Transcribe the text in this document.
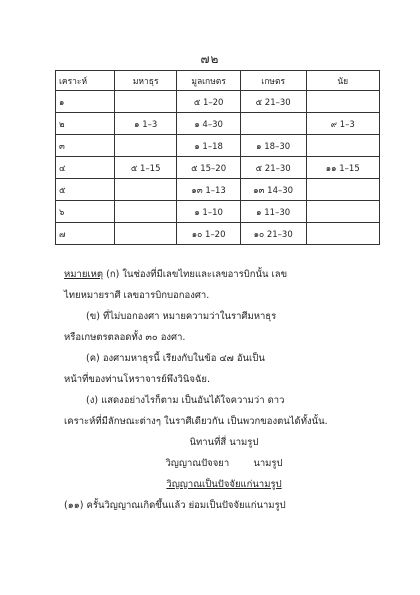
๗๒
เคราะห์	มหาธุร	มูลเกษตร	เกษตร	นัย
๑		๕ 1–20	๕ 21–30	
๒	๑ 1–3	๑ 4–30		๙ 1–3
๓		๑ 1–18	๑ 18–30	
๔	๕ 1–15	๕ 15–20	๕ 21–30	๑๑ 1–15
๕		๑๓ 1–13	๑๓ 14–30	
๖		๑ 1–10	๑ 11–30	
๗		๑๐ 1–20	๑๐ 21–30	

หมายเหตุ (ก) ในช่องที่มีเลขไทยและเลขอารบิกนั้น เลข

ไทยหมายราศี เลขอารบิกบอกองศา.

(ข) ที่ไม่บอกองศา หมายความว่าในราศีมหาธุร

หรือเกษตรตลอดทั้ง ๓๐ องศา.

(ค) องศามหาธุรนี้ เรียงกับในข้อ ๔๗ อันเป็น

หน้าที่ของท่านโหราจารย์พึงวินิจฉัย.

(ง) แสดงอย่างไรก็ตาม เป็นอันได้ใจความว่า ดาว

เคราะห์ที่มีลักษณะต่างๆ ในราศีเดียวกัน เป็นพวกของตนได้ทั้งนั้น.

นิทานที่สี่ นามรูป

วิญญาณปัจจยา        นามรูป

วิญญาณเป็นปัจจัยแก่นามรูป

(๑๑) ครั้นวิญญาณเกิดขึ้นแล้ว ย่อมเป็นปัจจัยแก่นามรูป
